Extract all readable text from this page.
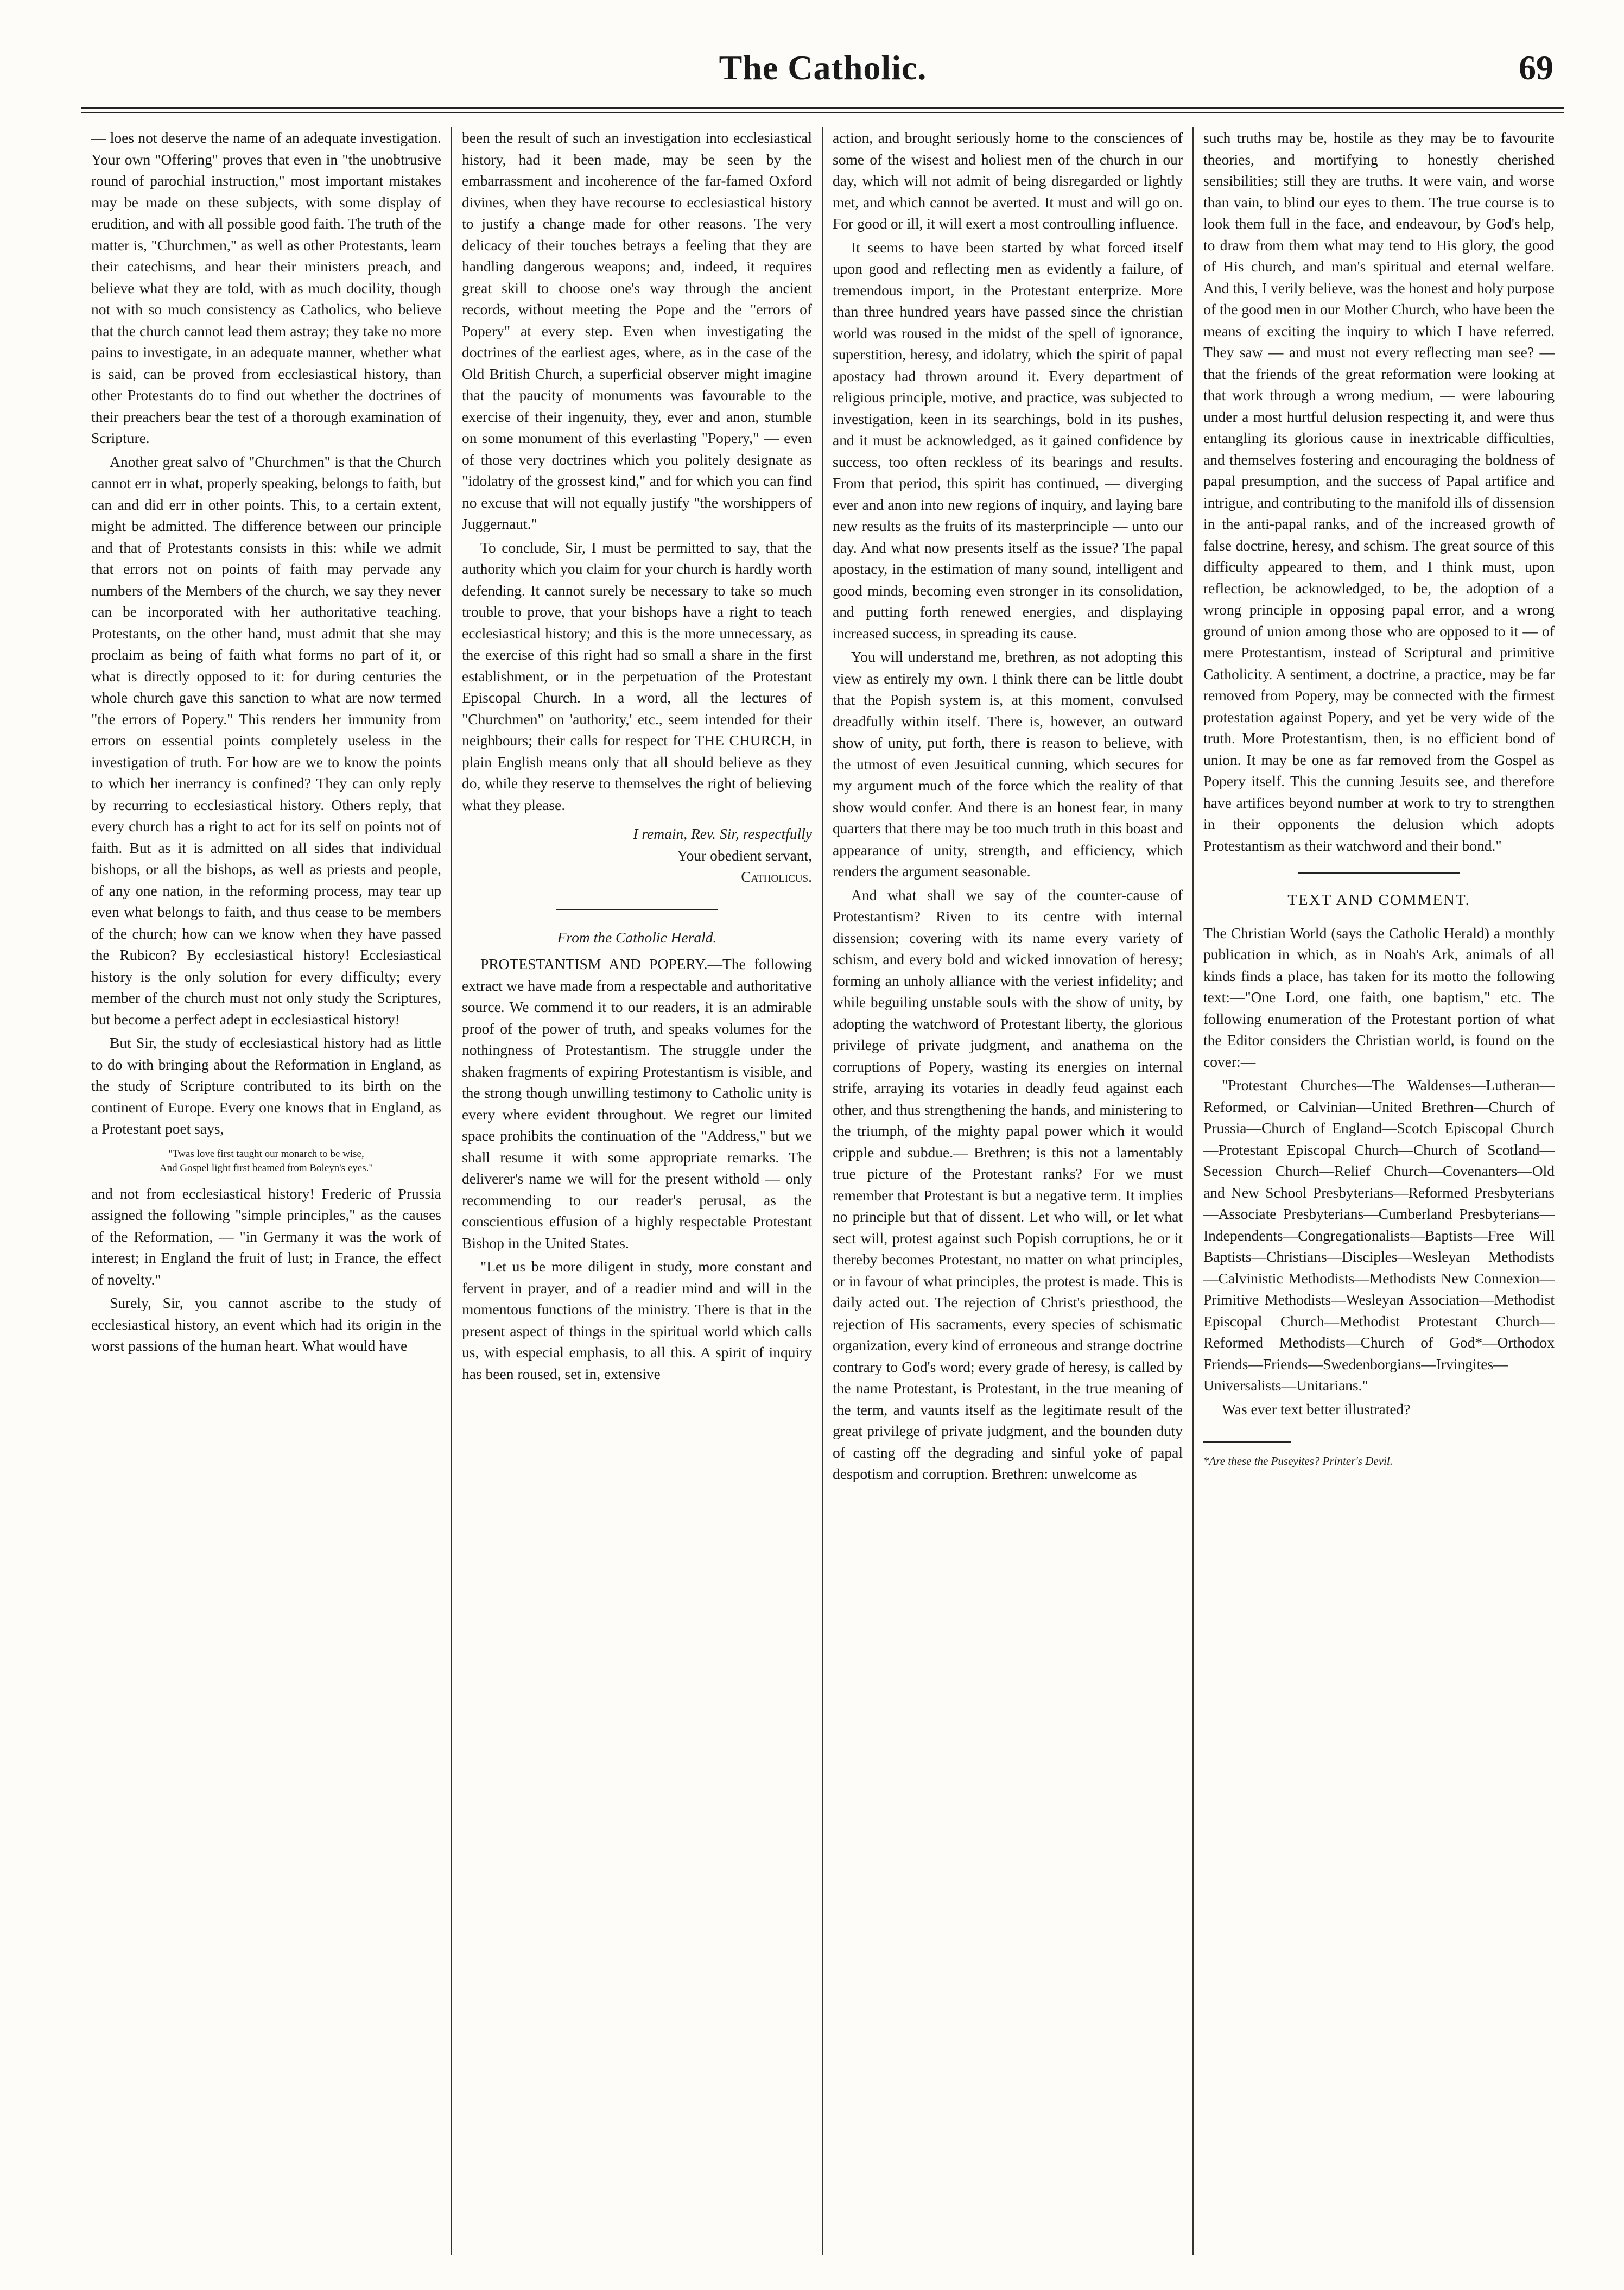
The Catholic.	69

— loes not deserve the name of an adequate investigation. Your own "Offering" proves that even in "the unobtrusive round of parochial instruction," most important mistakes may be made on these subjects, with some display of erudition, and with all possible good faith. The truth of the matter is, "Churchmen," as well as other Protestants, learn their catechisms, and hear their ministers preach, and believe what they are told, with as much docility, though not with so much consistency as Catholics, who believe that the church cannot lead them astray; they take no more pains to investigate, in an adequate manner, whether what is said, can be proved from ecclesiastical history, than other Protestants do to find out whether the doctrines of their preachers bear the test of a thorough examination of Scripture.

Another great salvo of "Churchmen" is that the Church cannot err in what, properly speaking, belongs to faith, but can and did err in other points. This, to a certain extent, might be admitted. The difference between our principle and that of Protestants consists in this: while we admit that errors not on points of faith may pervade any numbers of the Members of the church, we say they never can be incorporated with her authoritative teaching. Protestants, on the other hand, must admit that she may proclaim as being of faith what forms no part of it, or what is directly opposed to it: for during centuries the whole church gave this sanction to what are now termed "the errors of Popery." This renders her immunity from errors on essential points completely useless in the investigation of truth. For how are we to know the points to which her inerrancy is confined? They can only reply by recurring to ecclesiastical history. Others reply, that every church has a right to act for its self on points not of faith. But as it is admitted on all sides that individual bishops, or all the bishops, as well as priests and people, of any one nation, in the reforming process, may tear up even what belongs to faith, and thus cease to be members of the church; how can we know when they have passed the Rubicon? By ecclesiastical history! Ecclesiastical history is the only solution for every difficulty; every member of the church must not only study the Scriptures, but become a perfect adept in ecclesiastical history!

But Sir, the study of ecclesiastical history had as little to do with bringing about the Reformation in England, as the study of Scripture contributed to its birth on the continent of Europe. Every one knows that in England, as a Protestant poet says,

"Twas love first taught our monarch to be wise,
And Gospel light first beamed from Boleyn's eyes."

and not from ecclesiastical history! Frederic of Prussia assigned the following "simple principles," as the causes of the Reformation, — "in Germany it was the work of interest; in England the fruit of lust; in France, the effect of novelty."

Surely, Sir, you cannot ascribe to the study of ecclesiastical history, an event which had its origin in the worst passions of the human heart. What would have

been the result of such an investigation into ecclesiastical history, had it been made, may be seen by the embarrassment and incoherence of the far-famed Oxford divines, when they have recourse to ecclesiastical history to justify a change made for other reasons. The very delicacy of their touches betrays a feeling that they are handling dangerous weapons; and, indeed, it requires great skill to choose one's way through the ancient records, without meeting the Pope and the "errors of Popery" at every step. Even when investigating the doctrines of the earliest ages, where, as in the case of the Old British Church, a superficial observer might imagine that the paucity of monuments was favourable to the exercise of their ingenuity, they, ever and anon, stumble on some monument of this everlasting "Popery," — even of those very doctrines which you politely designate as "idolatry of the grossest kind," and for which you can find no excuse that will not equally justify "the worshippers of Juggernaut."

To conclude, Sir, I must be permitted to say, that the authority which you claim for your church is hardly worth defending. It cannot surely be necessary to take so much trouble to prove, that your bishops have a right to teach ecclesiastical history; and this is the more unnecessary, as the exercise of this right had so small a share in the first establishment, or in the perpetuation of the Protestant Episcopal Church. In a word, all the lectures of "Churchmen" on 'authority,' etc., seem intended for their neighbours; their calls for respect for THE CHURCH, in plain English means only that all should believe as they do, while they reserve to themselves the right of believing what they please.

I remain, Rev. Sir, respectfully

Your obedient servant,

Catholicus.

From the Catholic Herald.

PROTESTANTISM AND POPERY.—The following extract we have made from a respectable and authoritative source. We commend it to our readers, it is an admirable proof of the power of truth, and speaks volumes for the nothingness of Protestantism. The struggle under the shaken fragments of expiring Protestantism is visible, and the strong though unwilling testimony to Catholic unity is every where evident throughout. We regret our limited space prohibits the continuation of the "Address," but we shall resume it with some appropriate remarks. The deliverer's name we will for the present withold — only recommending to our reader's perusal, as the conscientious effusion of a highly respectable Protestant Bishop in the United States.

"Let us be more diligent in study, more constant and fervent in prayer, and of a readier mind and will in the momentous functions of the ministry. There is that in the present aspect of things in the spiritual world which calls us, with especial emphasis, to all this. A spirit of inquiry has been roused, set in, extensive

action, and brought seriously home to the consciences of some of the wisest and holiest men of the church in our day, which will not admit of being disregarded or lightly met, and which cannot be averted. It must and will go on. For good or ill, it will exert a most controulling influence.

It seems to have been started by what forced itself upon good and reflecting men as evidently a failure, of tremendous import, in the Protestant enterprize. More than three hundred years have passed since the christian world was roused in the midst of the spell of ignorance, superstition, heresy, and idolatry, which the spirit of papal apostacy had thrown around it. Every department of religious principle, motive, and practice, was subjected to investigation, keen in its searchings, bold in its pushes, and it must be acknowledged, as it gained confidence by success, too often reckless of its bearings and results. From that period, this spirit has continued, — diverging ever and anon into new regions of inquiry, and laying bare new results as the fruits of its masterprinciple — unto our day. And what now presents itself as the issue? The papal apostacy, in the estimation of many sound, intelligent and good minds, becoming even stronger in its consolidation, and putting forth renewed energies, and displaying increased success, in spreading its cause.

You will understand me, brethren, as not adopting this view as entirely my own. I think there can be little doubt that the Popish system is, at this moment, convulsed dreadfully within itself. There is, however, an outward show of unity, put forth, there is reason to believe, with the utmost of even Jesuitical cunning, which secures for my argument much of the force which the reality of that show would confer. And there is an honest fear, in many quarters that there may be too much truth in this boast and appearance of unity, strength, and efficiency, which renders the argument seasonable.

And what shall we say of the counter-cause of Protestantism? Riven to its centre with internal dissension; covering with its name every variety of schism, and every bold and wicked innovation of heresy; forming an unholy alliance with the veriest infidelity; and while beguiling unstable souls with the show of unity, by adopting the watchword of Protestant liberty, the glorious privilege of private judgment, and anathema on the corruptions of Popery, wasting its energies on internal strife, arraying its votaries in deadly feud against each other, and thus strengthening the hands, and ministering to the triumph, of the mighty papal power which it would cripple and subdue.— Brethren; is this not a lamentably true picture of the Protestant ranks? For we must remember that Protestant is but a negative term. It implies no principle but that of dissent. Let who will, or let what sect will, protest against such Popish corruptions, he or it thereby becomes Protestant, no matter on what principles, or in favour of what principles, the protest is made. This is daily acted out. The rejection of Christ's priesthood, the rejection of His sacraments, every species of schismatic organization, every kind of erroneous and strange doctrine contrary to God's word; every grade of heresy, is called by the name Protestant, is Protestant, in the true meaning of the term, and vaunts itself as the legitimate result of the great privilege of private judgment, and the bounden duty of casting off the degrading and sinful yoke of papal despotism and corruption. Brethren: unwelcome as

such truths may be, hostile as they may be to favourite theories, and mortifying to honestly cherished sensibilities; still they are truths. It were vain, and worse than vain, to blind our eyes to them. The true course is to look them full in the face, and endeavour, by God's help, to draw from them what may tend to His glory, the good of His church, and man's spiritual and eternal welfare. And this, I verily believe, was the honest and holy purpose of the good men in our Mother Church, who have been the means of exciting the inquiry to which I have referred. They saw — and must not every reflecting man see? — that the friends of the great reformation were looking at that work through a wrong medium, — were labouring under a most hurtful delusion respecting it, and were thus entangling its glorious cause in inextricable difficulties, and themselves fostering and encouraging the boldness of papal presumption, and the success of Papal artifice and intrigue, and contributing to the manifold ills of dissension in the anti-papal ranks, and of the increased growth of false doctrine, heresy, and schism. The great source of this difficulty appeared to them, and I think must, upon reflection, be acknowledged, to be, the adoption of a wrong principle in opposing papal error, and a wrong ground of union among those who are opposed to it — of mere Protestantism, instead of Scriptural and primitive Catholicity. A sentiment, a doctrine, a practice, may be far removed from Popery, may be connected with the firmest protestation against Popery, and yet be very wide of the truth. More Protestantism, then, is no efficient bond of union. It may be one as far removed from the Gospel as Popery itself. This the cunning Jesuits see, and therefore have artifices beyond number at work to try to strengthen in their opponents the delusion which adopts Protestantism as their watchword and their bond."

TEXT AND COMMENT.

The Christian World (says the Catholic Herald) a monthly publication in which, as in Noah's Ark, animals of all kinds finds a place, has taken for its motto the following text:—"One Lord, one faith, one baptism," etc. The following enumeration of the Protestant portion of what the Editor considers the Christian world, is found on the cover:—

"Protestant Churches—The Waldenses—Lutheran—Reformed, or Calvinian—United Brethren—Church of Prussia—Church of England—Scotch Episcopal Church—Protestant Episcopal Church—Church of Scotland—Secession Church—Relief Church—Covenanters—Old and New School Presbyterians—Reformed Presbyterians—Associate Presbyterians—Cumberland Presbyterians—Independents—Congregationalists—Baptists—Free Will Baptists—Christians—Disciples—Wesleyan Methodists—Calvinistic Methodists—Methodists New Connexion—Primitive Methodists—Wesleyan Association—Methodist Episcopal Church—Methodist Protestant Church—Reformed Methodists—Church of God*—Orthodox Friends—Friends—Swedenborgians—Irvingites—Universalists—Unitarians."

Was ever text better illustrated?

*Are these the Puseyites? Printer's Devil.
